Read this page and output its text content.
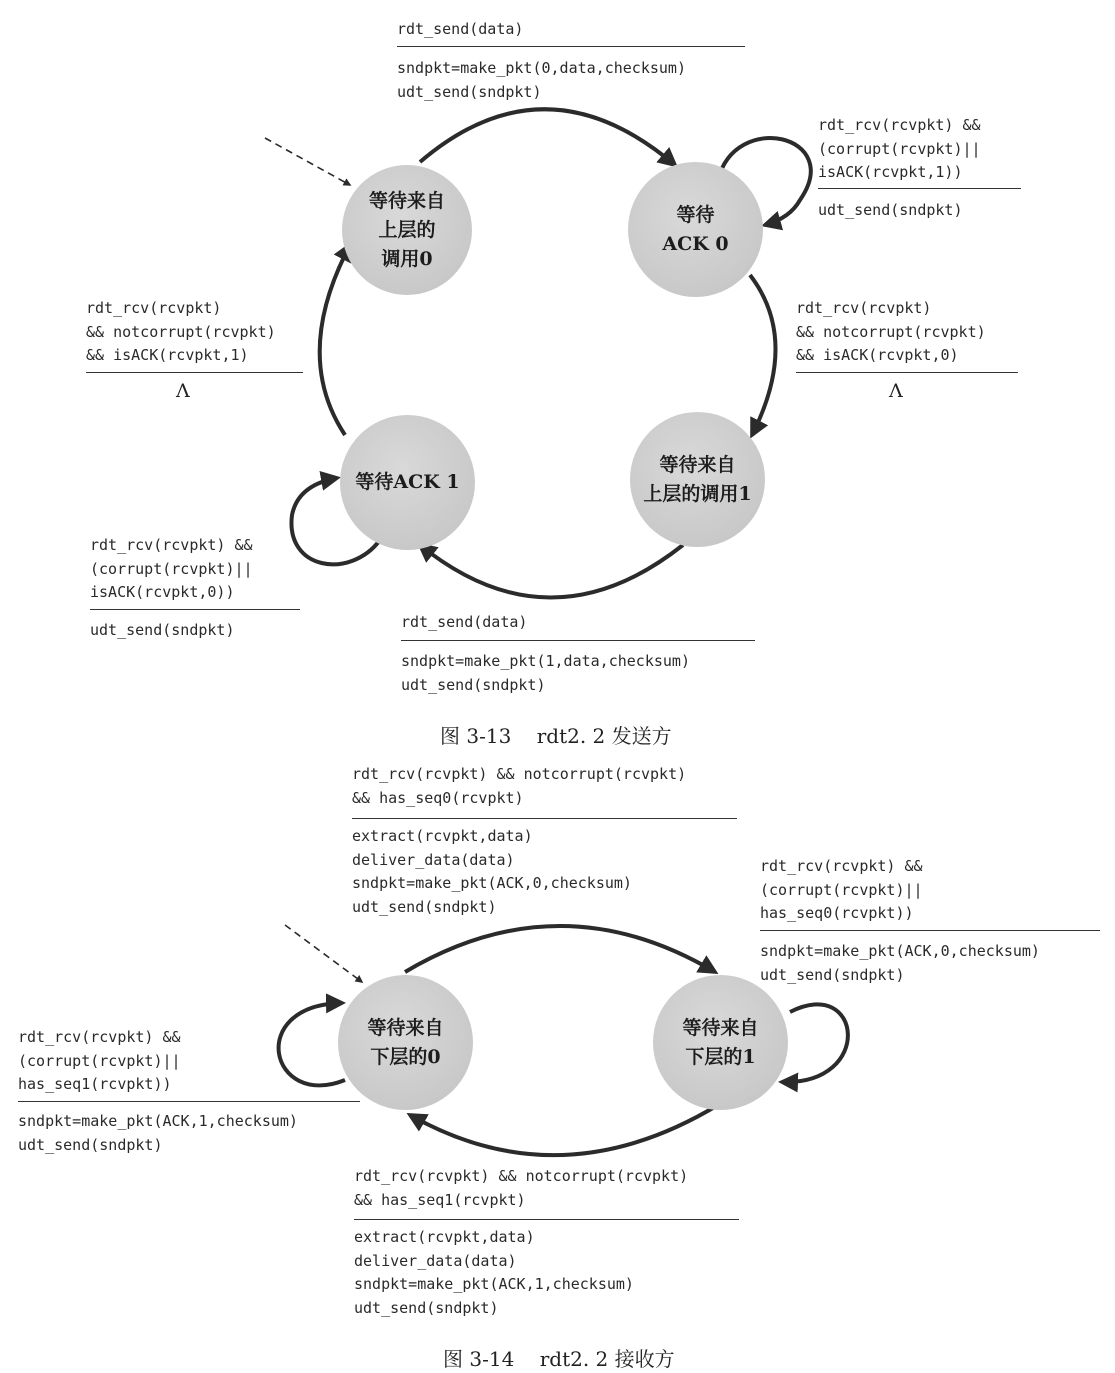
等待来自
上层的
调用0
等待
ACK 0
等待来自
上层的调用1
等待ACK 1
rdt_send(data)
sndpkt=make_pkt(0,data,checksum)
udt_send(sndpkt)
rdt_rcv(rcvpkt) &&
(corrupt(rcvpkt)||
isACK(rcvpkt,1))
udt_send(sndpkt)
rdt_rcv(rcvpkt)
&& notcorrupt(rcvpkt)
&& isACK(rcvpkt,0)
Λ
rdt_rcv(rcvpkt)
&& notcorrupt(rcvpkt)
&& isACK(rcvpkt,1)
Λ
rdt_rcv(rcvpkt) &&
(corrupt(rcvpkt)||
isACK(rcvpkt,0))
udt_send(sndpkt)	rdt_send(data)
sndpkt=make_pkt(1,data,checksum)
udt_send(sndpkt)
图 3-13    rdt2. 2 发送方
等待来自
下层的0
等待来自
下层的1
rdt_rcv(rcvpkt) && notcorrupt(rcvpkt)
&& has_seq0(rcvpkt)
extract(rcvpkt,data)
deliver_data(data)
sndpkt=make_pkt(ACK,0,checksum)
udt_send(sndpkt)
rdt_rcv(rcvpkt) &&
(corrupt(rcvpkt)||
has_seq0(rcvpkt))
sndpkt=make_pkt(ACK,0,checksum)
udt_send(sndpkt)
rdt_rcv(rcvpkt) &&
(corrupt(rcvpkt)||
has_seq1(rcvpkt))
sndpkt=make_pkt(ACK,1,checksum)
udt_send(sndpkt)
rdt_rcv(rcvpkt) && notcorrupt(rcvpkt)
&& has_seq1(rcvpkt)
extract(rcvpkt,data)
deliver_data(data)
sndpkt=make_pkt(ACK,1,checksum)
udt_send(sndpkt)
图 3-14    rdt2. 2 接收方
